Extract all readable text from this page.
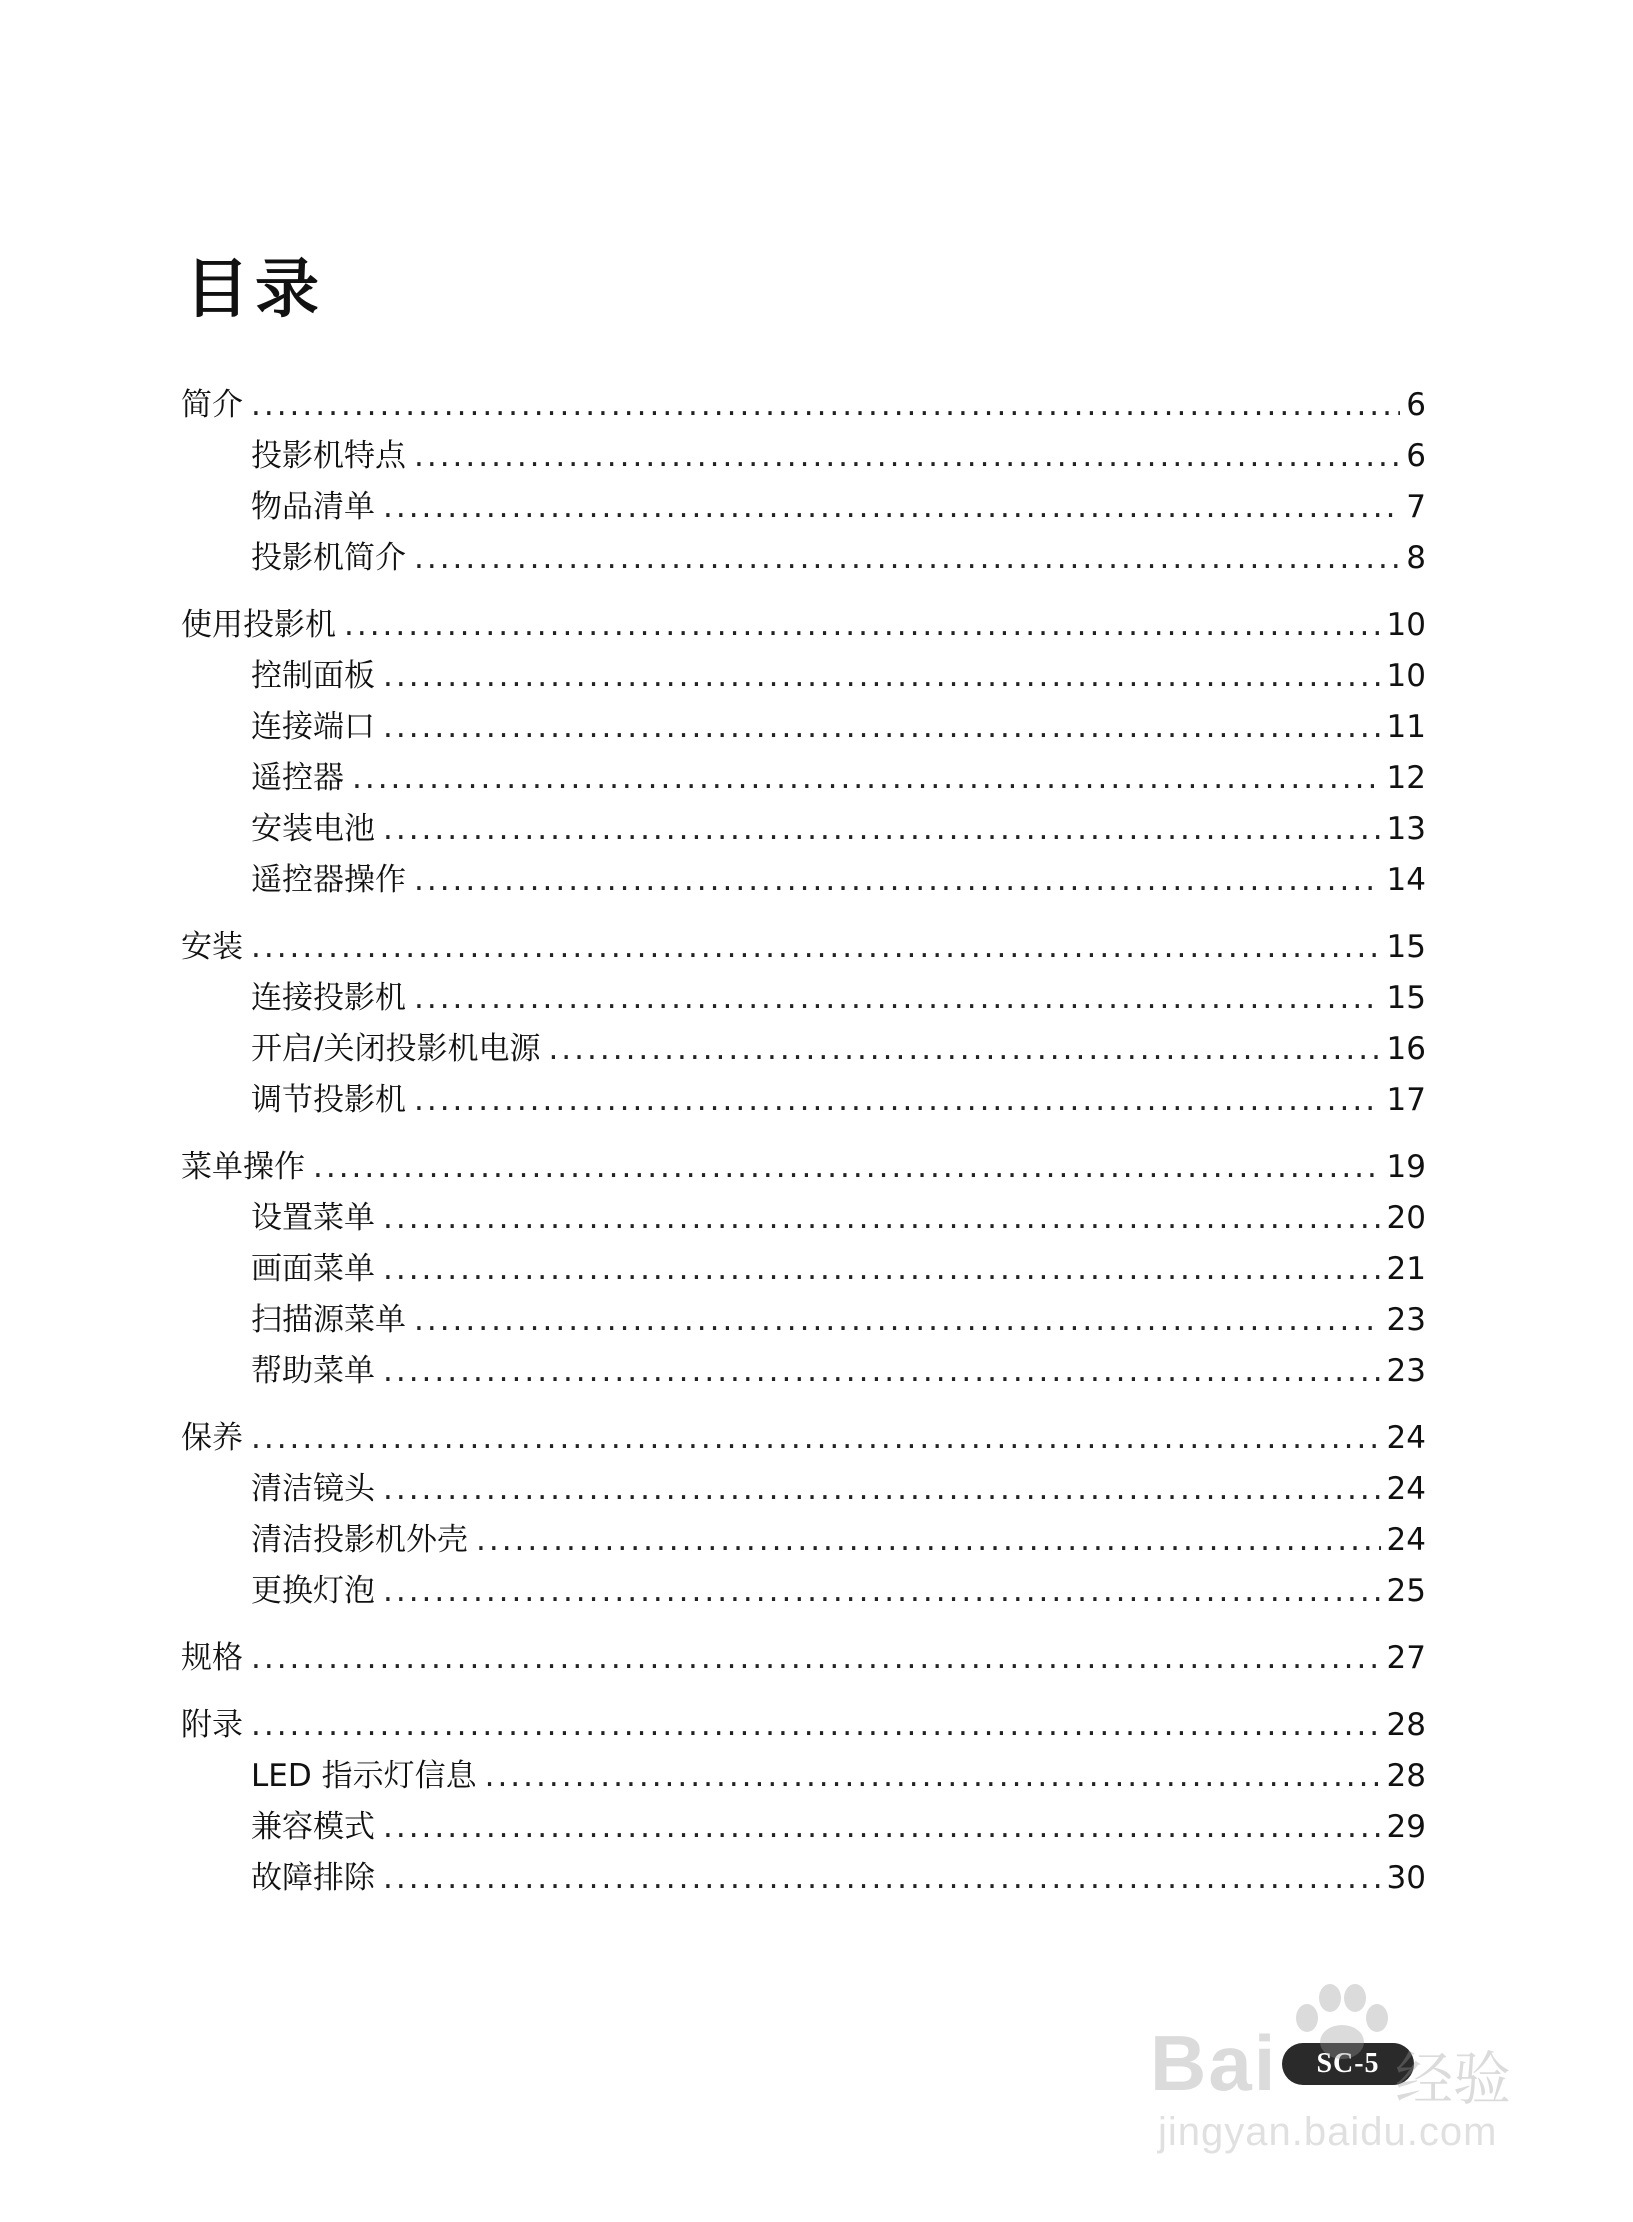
目录
简介 .....	6
投影机特点 .....	6
物品清单 .....	7
投影机简介 .....	8
使用投影机 .....	10
控制面板 .....	10
连接端口 .....	11
遥控器 .....	12
安装电池 .....	13
遥控器操作 .....	14
安装 .....	15
连接投影机 .....	15
开启/关闭投影机电源 .....	16
调节投影机 .....	17
菜单操作 .....	19
设置菜单 .....	20
画面菜单 .....	21
扫描源菜单 .....	23
帮助菜单 .....	23
保养 .....	24
清洁镜头 .....	24
清洁投影机外壳 .....	24
更换灯泡 .....	25
规格 .....	27
附录 .....	28
LED 指示灯信息 .....	28
兼容模式 .....	29
故障排除 .....	30
SC-5
Bai 经验
jingyan.baidu.com
